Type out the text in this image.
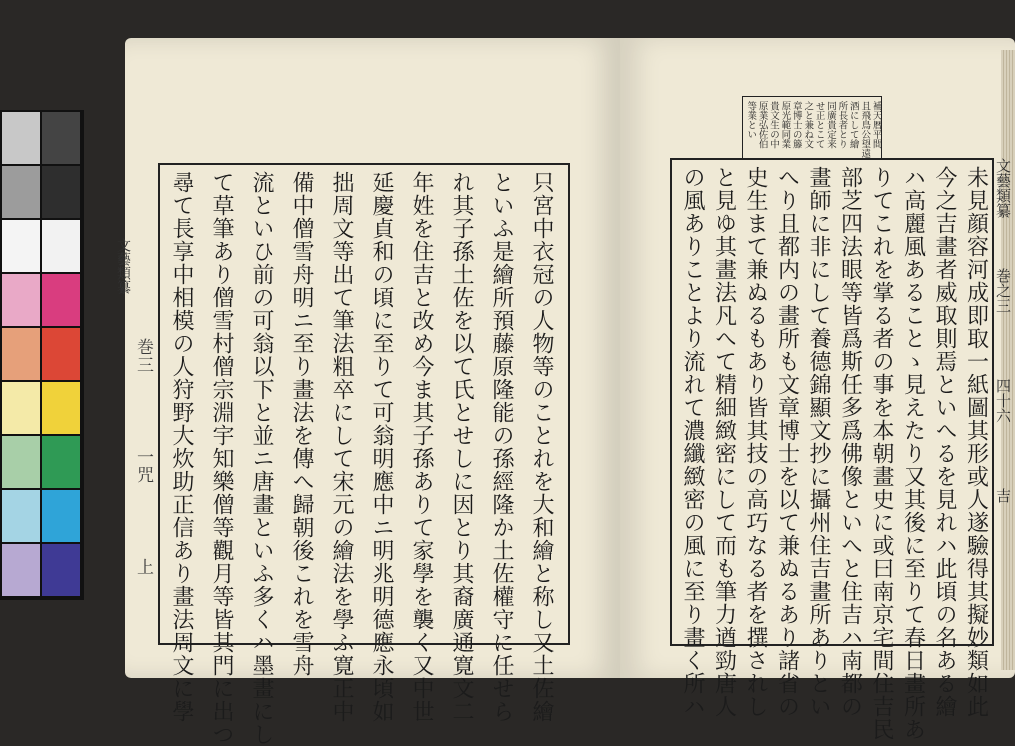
文藝類纂	只宮中衣冠の人物等のことれを大和繪と称し又土佐繪
といふ是繪所預藤原隆能の孫經隆か土佐權守に任せら
れ其子孫土佐を以て氏とせしに因とり其裔廣通寛文二
年姓を住吉と改め今ま其子孫ありて家學を襲く又中世
延慶貞和の頃に至りて可翁明應中ニ明兆明德應永頃如
拙周文等出て筆法粗卒にして宋元の繪法を學ふ寛正中
備中僧雪舟明ニ至り畫法を傳へ歸朝後これを雪舟
流といひ前の可翁以下と並ニ唐畫といふ多くハ墨畫にし
て草筆あり僧雪村僧宗淵宇知樂僧等觀月等皆其門に出つ
尋て長享中相模の人狩野大炊助正信あり畫法周文に學
巻三
一咒
上
補天暦平間
且飛鳥公望遠
酒にして繪
所長者とり
同廣貴定来
せ正とこて
之と兼ね文
章博士の籐
原光範同業
貴文生の中
原業弘佐伯
等業とい
未見顔容河成即取一紙圖其形或人遂驗得其擬妙類如此
今之吉畫者威取則焉といへるを見れハ此頃の名ある繪
ハ高麗風あることゝ見えたり又其後に至りて春日畫所あ
りてこれを掌る者の事を本朝畫史に或曰南京宅間住吉民
部芝四法眼等皆爲斯任多爲佛像といへと住吉ハ南都の
畫師に非にして養德錦顯文抄に攝州住吉畫所ありとい
へり且都内の畫所も文章博士を以て兼ぬるあり諸省の
史生まて兼ぬるもあり皆其技の高巧なる者を撰されし
と見ゆ其畫法凡へて精細緻密にして而も筆力遒勁唐人
の風ありことより流れて濃纖緻密の風に至り畫く所ハ	文藝類纂
巻之三
四十六
吉
